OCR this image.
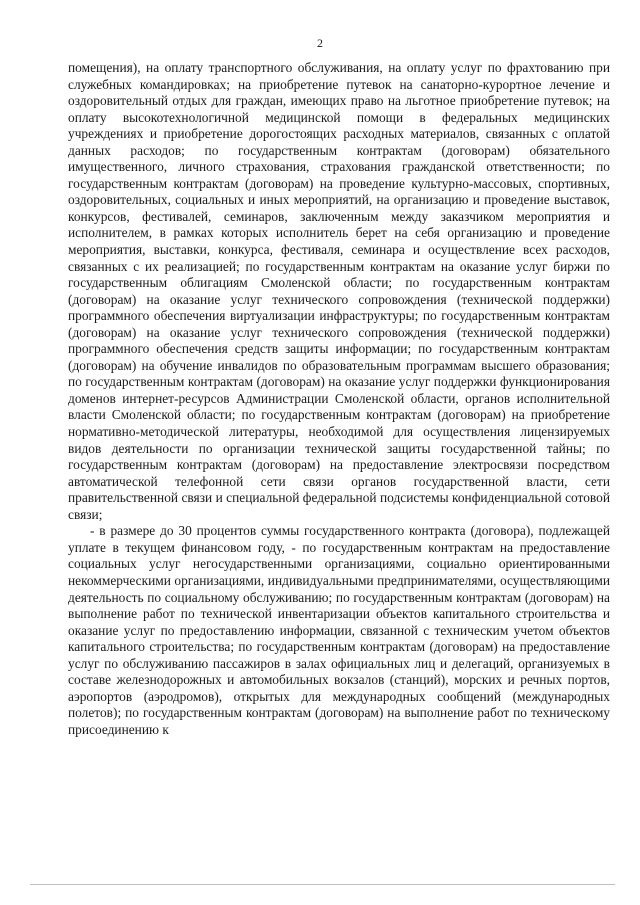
2

помещения), на оплату транспортного обслуживания, на оплату услуг по фрахтованию при служебных командировках; на приобретение путевок на санаторно-курортное лечение и оздоровительный отдых для граждан, имеющих право на льготное приобретение путевок; на оплату высокотехнологичной медицинской помощи в федеральных медицинских учреждениях и приобретение дорогостоящих расходных материалов, связанных с оплатой данных расходов; по государственным контрактам (договорам) обязательного имущественного, личного страхования, страхования гражданской ответственности; по государственным контрактам (договорам) на проведение культурно-массовых, спортивных, оздоровительных, социальных и иных мероприятий, на организацию и проведение выставок, конкурсов, фестивалей, семинаров, заключенным между заказчиком мероприятия и исполнителем, в рамках которых исполнитель берет на себя организацию и проведение мероприятия, выставки, конкурса, фестиваля, семинара и осуществление всех расходов, связанных с их реализацией; по государственным контрактам на оказание услуг биржи по государственным облигациям Смоленской области; по государственным контрактам (договорам) на оказание услуг технического сопровождения (технической поддержки) программного обеспечения виртуализации инфраструктуры; по государственным контрактам (договорам) на оказание услуг технического сопровождения (технической поддержки) программного обеспечения средств защиты информации; по государственным контрактам (договорам) на обучение инвалидов по образовательным программам высшего образования; по государственным контрактам (договорам) на оказание услуг поддержки функционирования доменов интернет-ресурсов Администрации Смоленской области, органов исполнительной власти Смоленской области; по государственным контрактам (договорам) на приобретение нормативно-методической литературы, необходимой для осуществления лицензируемых видов деятельности по организации технической защиты государственной тайны; по государственным контрактам (договорам) на предоставление электросвязи посредством автоматической телефонной сети связи органов государственной власти, сети правительственной связи и специальной федеральной подсистемы конфиденциальной сотовой связи;

- в размере до 30 процентов суммы государственного контракта (договора), подлежащей уплате в текущем финансовом году, - по государственным контрактам на предоставление социальных услуг негосударственными организациями, социально ориентированными некоммерческими организациями, индивидуальными предпринимателями, осуществляющими деятельность по социальному обслуживанию; по государственным контрактам (договорам) на выполнение работ по технической инвентаризации объектов капитального строительства и оказание услуг по предоставлению информации, связанной с техническим учетом объектов капитального строительства; по государственным контрактам (договорам) на предоставление услуг по обслуживанию пассажиров в залах официальных лиц и делегаций, организуемых в составе железнодорожных и автомобильных вокзалов (станций), морских и речных портов, аэропортов (аэродромов), открытых для международных сообщений (международных полетов); по государственным контрактам (договорам) на выполнение работ по техническому присоединению к
